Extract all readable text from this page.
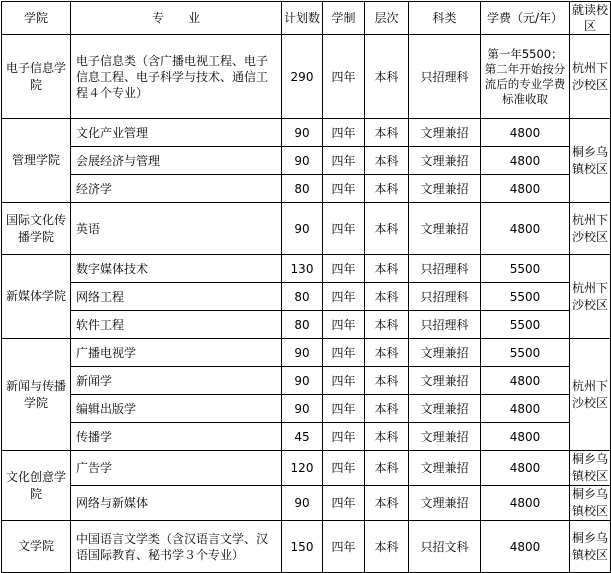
学院	专　　业	计划数	学制	层次	科类	学费（元/年）	就读校区
电子信息学院	电子信息类（含广播电视工程、电子信息工程、电子科学与技术、通信工程４个专业）	290	四年	本科	只招理科	第一年5500；第二年开始按分流后的专业学费标准收取	杭州下沙校区
管理学院	文化产业管理	90	四年	本科	文理兼招	4800	桐乡乌镇校区
	会展经济与管理	90	四年	本科	文理兼招	4800	
	经济学	80	四年	本科	文理兼招	4800	
国际文化传播学院	英语	90	四年	本科	文理兼招	4800	杭州下沙校区
新媒体学院	数字媒体技术	130	四年	本科	只招理科	5500	杭州下沙校区
	网络工程	80	四年	本科	只招理科	5500	
	软件工程	80	四年	本科	只招理科	5500	
新闻与传播学院	广播电视学	90	四年	本科	文理兼招	5500	杭州下沙校区
	新闻学	90	四年	本科	文理兼招	4800	
	编辑出版学	90	四年	本科	文理兼招	4800	
	传播学	45	四年	本科	文理兼招	4800	
文化创意学院	广告学	120	四年	本科	文理兼招	4800	桐乡乌镇校区
	网络与新媒体	90	四年	本科	文理兼招	4800	桐乡乌镇校区
文学院	中国语言文学类（含汉语言文学、汉语国际教育、秘书学３个专业）	150	四年	本科	只招文科	4800	桐乡乌镇校区
